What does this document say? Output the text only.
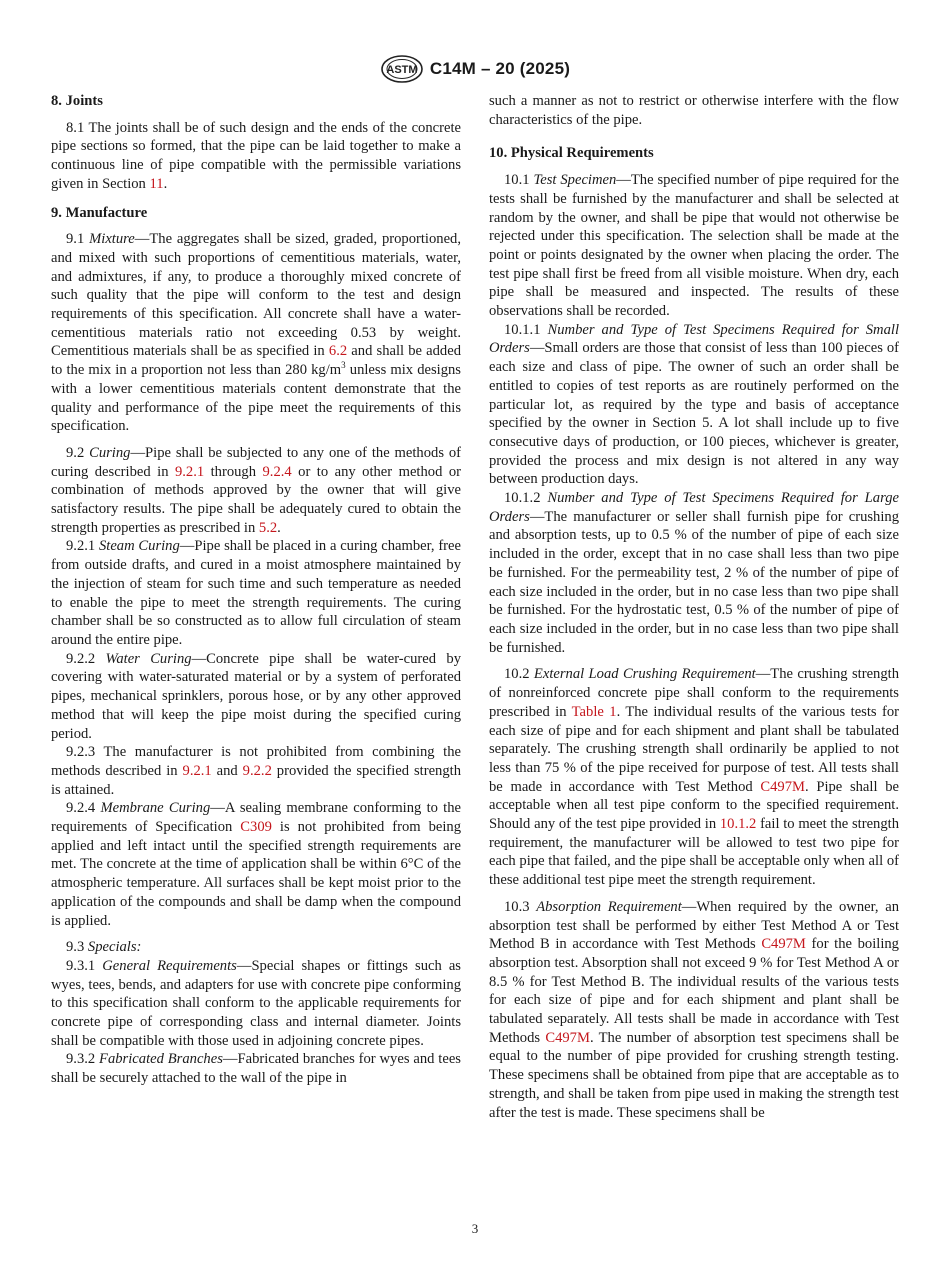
ASTM C14M – 20 (2025)
8. Joints

8.1 The joints shall be of such design and the ends of the concrete pipe sections so formed, that the pipe can be laid together to make a continuous line of pipe compatible with the permissible variations given in Section 11.

9. Manufacture

9.1 Mixture—The aggregates shall be sized, graded, proportioned, and mixed with such proportions of cementitious materials, water, and admixtures, if any, to produce a thoroughly mixed concrete of such quality that the pipe will conform to the test and design requirements of this specification. All concrete shall have a water-cementitious materials ratio not exceeding 0.53 by weight. Cementitious materials shall be as specified in 6.2 and shall be added to the mix in a proportion not less than 280 $kg/m^3$ unless mix designs with a lower cementitious materials content demonstrate that the quality and performance of the pipe meet the requirements of this specification.

9.2 Curing—Pipe shall be subjected to any one of the methods of curing described in 9.2.1 through 9.2.4 or to any other method or combination of methods approved by the owner that will give satisfactory results. The pipe shall be adequately cured to obtain the strength properties as prescribed in 5.2.

9.2.1 Steam Curing—Pipe shall be placed in a curing chamber, free from outside drafts, and cured in a moist atmosphere maintained by the injection of steam for such time and such temperature as needed to enable the pipe to meet the strength requirements. The curing chamber shall be so constructed as to allow full circulation of steam around the entire pipe.

9.2.2 Water Curing—Concrete pipe shall be water-cured by covering with water-saturated material or by a system of perforated pipes, mechanical sprinklers, porous hose, or by any other approved method that will keep the pipe moist during the specified curing period.

9.2.3 The manufacturer is not prohibited from combining the methods described in 9.2.1 and 9.2.2 provided the specified strength is attained.

9.2.4 Membrane Curing—A sealing membrane conforming to the requirements of Specification C309 is not prohibited from being applied and left intact until the specified strength requirements are met. The concrete at the time of application shall be within 6°C of the atmospheric temperature. All surfaces shall be kept moist prior to the application of the compounds and shall be damp when the compound is applied.

9.3 Specials:

9.3.1 General Requirements—Special shapes or fittings such as wyes, tees, bends, and adapters for use with concrete pipe conforming to this specification shall conform to the applicable requirements for concrete pipe of corresponding class and internal diameter. Joints shall be compatible with those used in adjoining concrete pipes.

9.3.2 Fabricated Branches—Fabricated branches for wyes and tees shall be securely attached to the wall of the pipe in

such a manner as not to restrict or otherwise interfere with the flow characteristics of the pipe.

10. Physical Requirements

10.1 Test Specimen—The specified number of pipe required for the tests shall be furnished by the manufacturer and shall be selected at random by the owner, and shall be pipe that would not otherwise be rejected under this specification. The selection shall be made at the point or points designated by the owner when placing the order. The test pipe shall first be freed from all visible moisture. When dry, each pipe shall be measured and inspected. The results of these observations shall be recorded.

10.1.1 Number and Type of Test Specimens Required for Small Orders—Small orders are those that consist of less than 100 pieces of each size and class of pipe. The owner of such an order shall be entitled to copies of test reports as are routinely performed on the particular lot, as required by the type and basis of acceptance specified by the owner in Section 5. A lot shall include up to five consecutive days of production, or 100 pieces, whichever is greater, provided the process and mix design is not altered in any way between production days.

10.1.2 Number and Type of Test Specimens Required for Large Orders—The manufacturer or seller shall furnish pipe for crushing and absorption tests, up to 0.5 % of the number of pipe of each size included in the order, except that in no case shall less than two pipe be furnished. For the permeability test, 2 % of the number of pipe of each size included in the order, but in no case less than two pipe shall be furnished. For the hydrostatic test, 0.5 % of the number of pipe of each size included in the order, but in no case less than two pipe shall be furnished.

10.2 External Load Crushing Requirement—The crushing strength of nonreinforced concrete pipe shall conform to the requirements prescribed in Table 1. The individual results of the various tests for each size of pipe and for each shipment and plant shall be tabulated separately. The crushing strength shall ordinarily be applied to not less than 75 % of the pipe received for purpose of test. All tests shall be made in accordance with Test Method C497M. Pipe shall be acceptable when all test pipe conform to the specified requirement. Should any of the test pipe provided in 10.1.2 fail to meet the strength requirement, the manufacturer will be allowed to test two pipe for each pipe that failed, and the pipe shall be acceptable only when all of these additional test pipe meet the strength requirement.

10.3 Absorption Requirement—When required by the owner, an absorption test shall be performed by either Test Method A or Test Method B in accordance with Test Methods C497M for the boiling absorption test. Absorption shall not exceed 9 % for Test Method A or 8.5 % for Test Method B. The individual results of the various tests for each size of pipe and for each shipment and plant shall be tabulated separately. All tests shall be made in accordance with Test Methods C497M. The number of absorption test specimens shall be equal to the number of pipe provided for crushing strength testing. These specimens shall be obtained from pipe that are acceptable as to strength, and shall be taken from pipe used in making the strength test after the test is made. These specimens shall be

3
